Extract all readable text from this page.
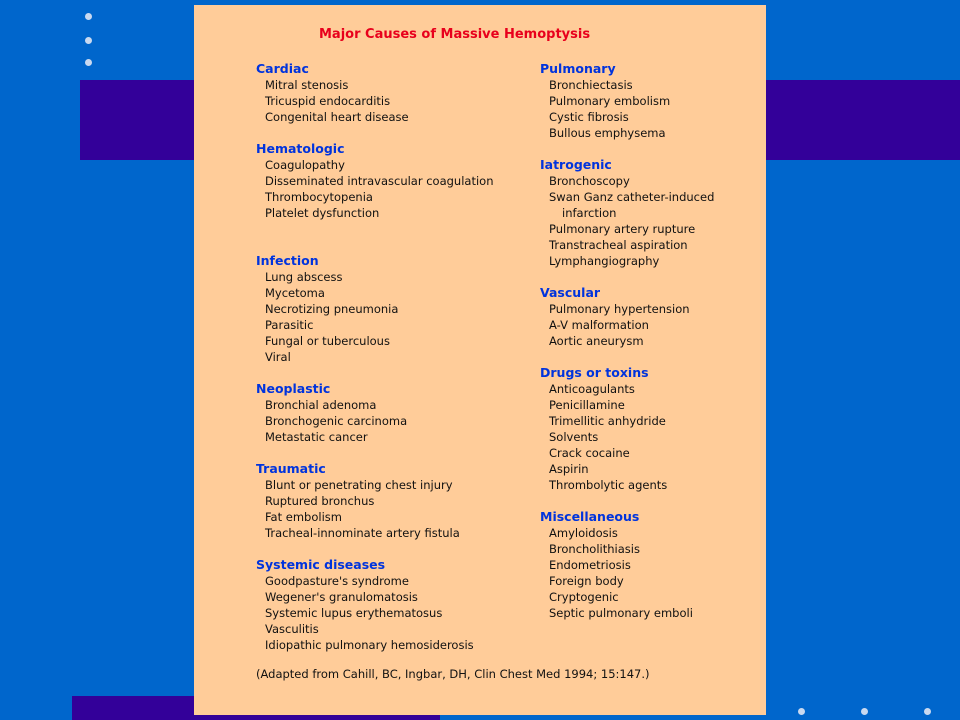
Major Causes of Massive Hemoptysis
Cardiac
Mitral stenosis
Tricuspid endocarditis
Congenital heart disease
Hematologic
Coagulopathy
Disseminated intravascular coagulation
Thrombocytopenia
Platelet dysfunction
Infection
Lung abscess
Mycetoma
Necrotizing pneumonia
Parasitic
Fungal or tuberculous
Viral
Neoplastic
Bronchial adenoma
Bronchogenic carcinoma
Metastatic cancer
Traumatic
Blunt or penetrating chest injury
Ruptured bronchus
Fat embolism
Tracheal-innominate artery fistula
Systemic diseases
Goodpasture's syndrome
Wegener's granulomatosis
Systemic lupus erythematosus
Vasculitis
Idiopathic pulmonary hemosiderosis
Pulmonary
Bronchiectasis
Pulmonary embolism
Cystic fibrosis
Bullous emphysema
Iatrogenic
Bronchoscopy
Swan Ganz catheter-induced
infarction
Pulmonary artery rupture
Transtracheal aspiration
Lymphangiography
Vascular
Pulmonary hypertension
A-V malformation
Aortic aneurysm
Drugs or toxins
Anticoagulants
Penicillamine
Trimellitic anhydride
Solvents
Crack cocaine
Aspirin
Thrombolytic agents
Miscellaneous
Amyloidosis
Broncholithiasis
Endometriosis
Foreign body
Cryptogenic
Septic pulmonary emboli
(Adapted from Cahill, BC, Ingbar, DH, Clin Chest Med 1994; 15:147.)
